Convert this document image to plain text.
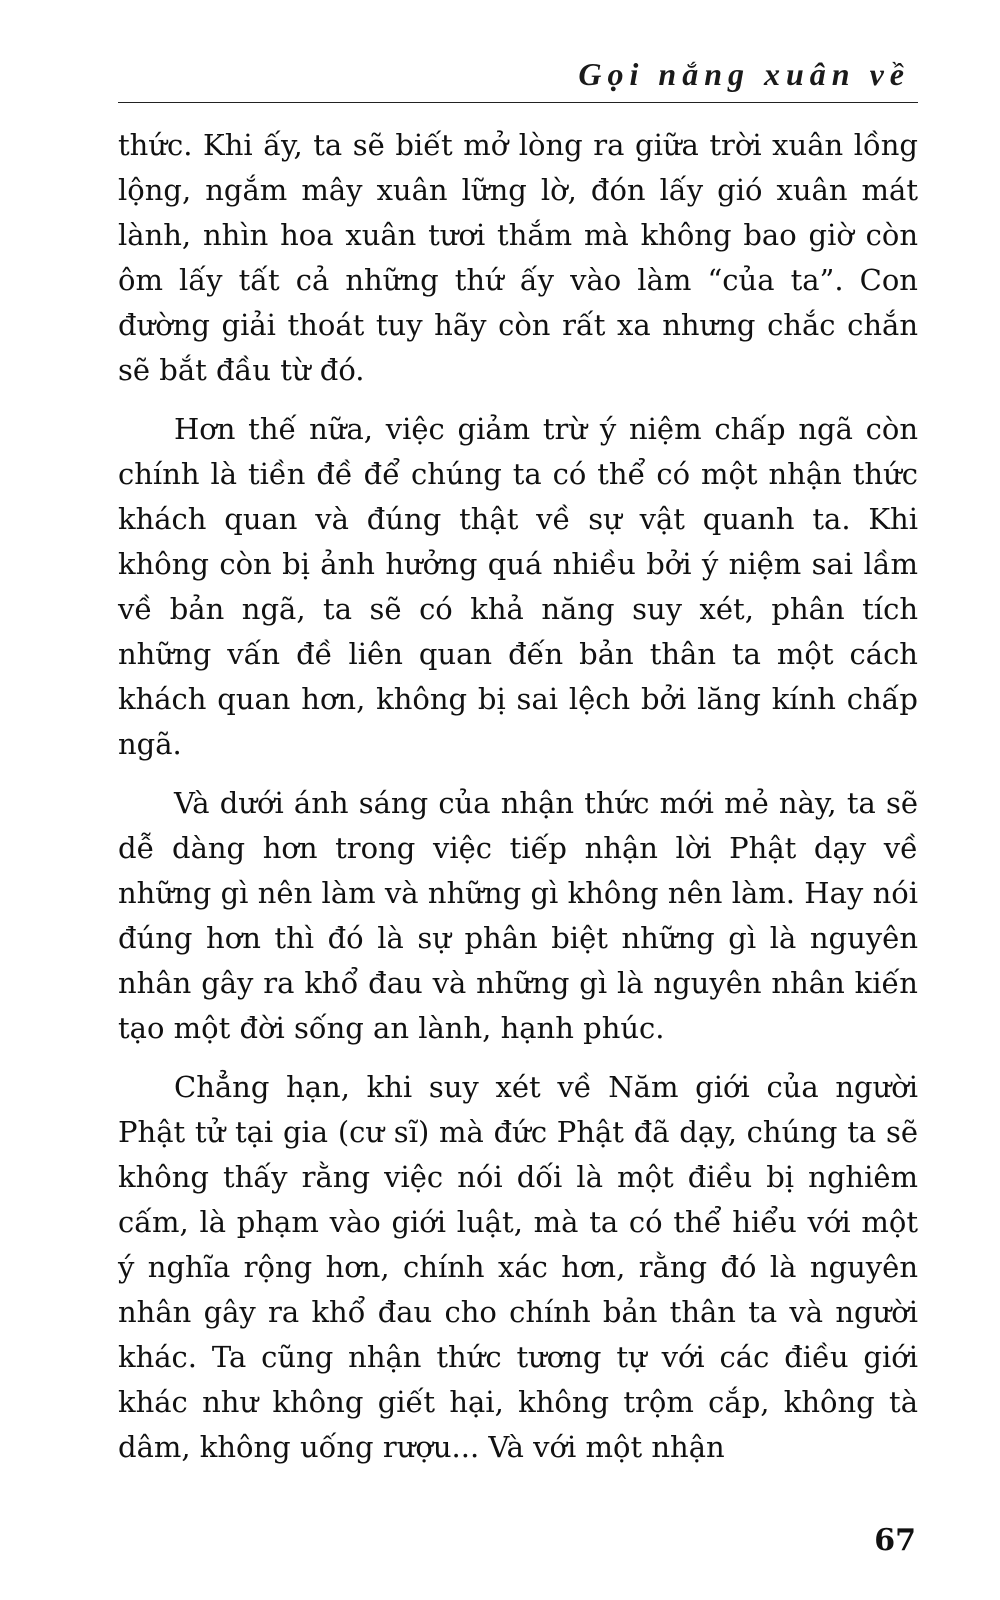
Gọi nắng xuân về

thức. Khi ấy, ta sẽ biết mở lòng ra giữa trời xuân lồng lộng, ngắm mây xuân lững lờ, đón lấy gió xuân mát lành, nhìn hoa xuân tươi thắm mà không bao giờ còn ôm lấy tất cả những thứ ấy vào làm “của ta”. Con đường giải thoát tuy hãy còn rất xa nhưng chắc chắn sẽ bắt đầu từ đó.

Hơn thế nữa, việc giảm trừ ý niệm chấp ngã còn chính là tiền đề để chúng ta có thể có một nhận thức khách quan và đúng thật về sự vật quanh ta. Khi không còn bị ảnh hưởng quá nhiều bởi ý niệm sai lầm về bản ngã, ta sẽ có khả năng suy xét, phân tích những vấn đề liên quan đến bản thân ta một cách khách quan hơn, không bị sai lệch bởi lăng kính chấp ngã.

Và dưới ánh sáng của nhận thức mới mẻ này, ta sẽ dễ dàng hơn trong việc tiếp nhận lời Phật dạy về những gì nên làm và những gì không nên làm. Hay nói đúng hơn thì đó là sự phân biệt những gì là nguyên nhân gây ra khổ đau và những gì là nguyên nhân kiến tạo một đời sống an lành, hạnh phúc.

Chẳng hạn, khi suy xét về Năm giới của người Phật tử tại gia (cư sĩ) mà đức Phật đã dạy, chúng ta sẽ không thấy rằng việc nói dối là một điều bị nghiêm cấm, là phạm vào giới luật, mà ta có thể hiểu với một ý nghĩa rộng hơn, chính xác hơn, rằng đó là nguyên nhân gây ra khổ đau cho chính bản thân ta và người khác. Ta cũng nhận thức tương tự với các điều giới khác như không giết hại, không trộm cắp, không tà dâm, không uống rượu... Và với một nhận

67
